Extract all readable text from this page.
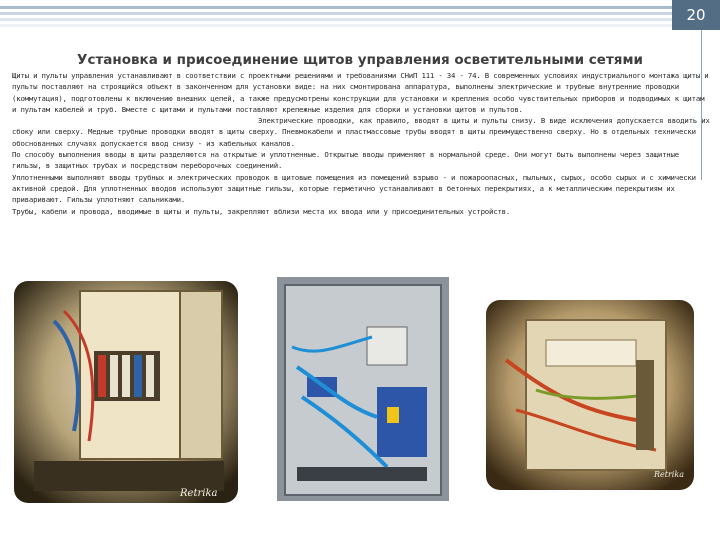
20
Установка и присоединение щитов управления осветительными сетями

Щиты и пульты управления устанавливают в соответствии с проектными решениями и требованиями СНиП 111 - 34 - 74. В современных условиях индустриального монтажа щиты и пульты поставляют на строящийся объект в законченном для установки виде: на них смонтирована аппаратура, выполнены электрические и трубные внутренние проводки (коммутация), подготовлены к включению внешних цепей, а также предусмотрены конструкции для установки и крепления особо чувствительных приборов и подводимых к щитам и пультам кабелей и труб. Вместе с щитами и пультами поставляют крепежные изделия для сборки и установки щитов и пультов.

Электрические проводки, как правило, вводят в щиты и пульты снизу. В виде исключения допускается вводить их сбоку или сверху. Медные трубные проводки вводят в щиты сверху. Пневмокабели и пластмассовые трубы вводят в щиты преимущественно сверху. Но в отдельных технически обоснованных случаях допускается ввод снизу - из кабельных каналов.

По способу выполнения вводы в щиты разделяются на открытые и уплотненные. Открытые вводы применяют в нормальной среде. Они могут быть выполнены через защитные гильзы, в защитных трубах и посредством переборочных соединений.

Уплотненными выполняют вводы трубных и электрических проводок в щитовые помещения из помещений взрыво - и пожароопасных, пыльных, сырых, особо сырых и с химически активной средой. Для уплотненных вводов используют защитные гильзы, которые герметично устанавливают в бетонных перекрытиях, а к металлическим перекрытиям их приваривают. Гильзы уплотняют сальниками.

Трубы, кабели и провода, вводимые в щиты и пульты, закрепляют вблизи места их ввода или у присоединительных устройств.

Retrika
Retrika
